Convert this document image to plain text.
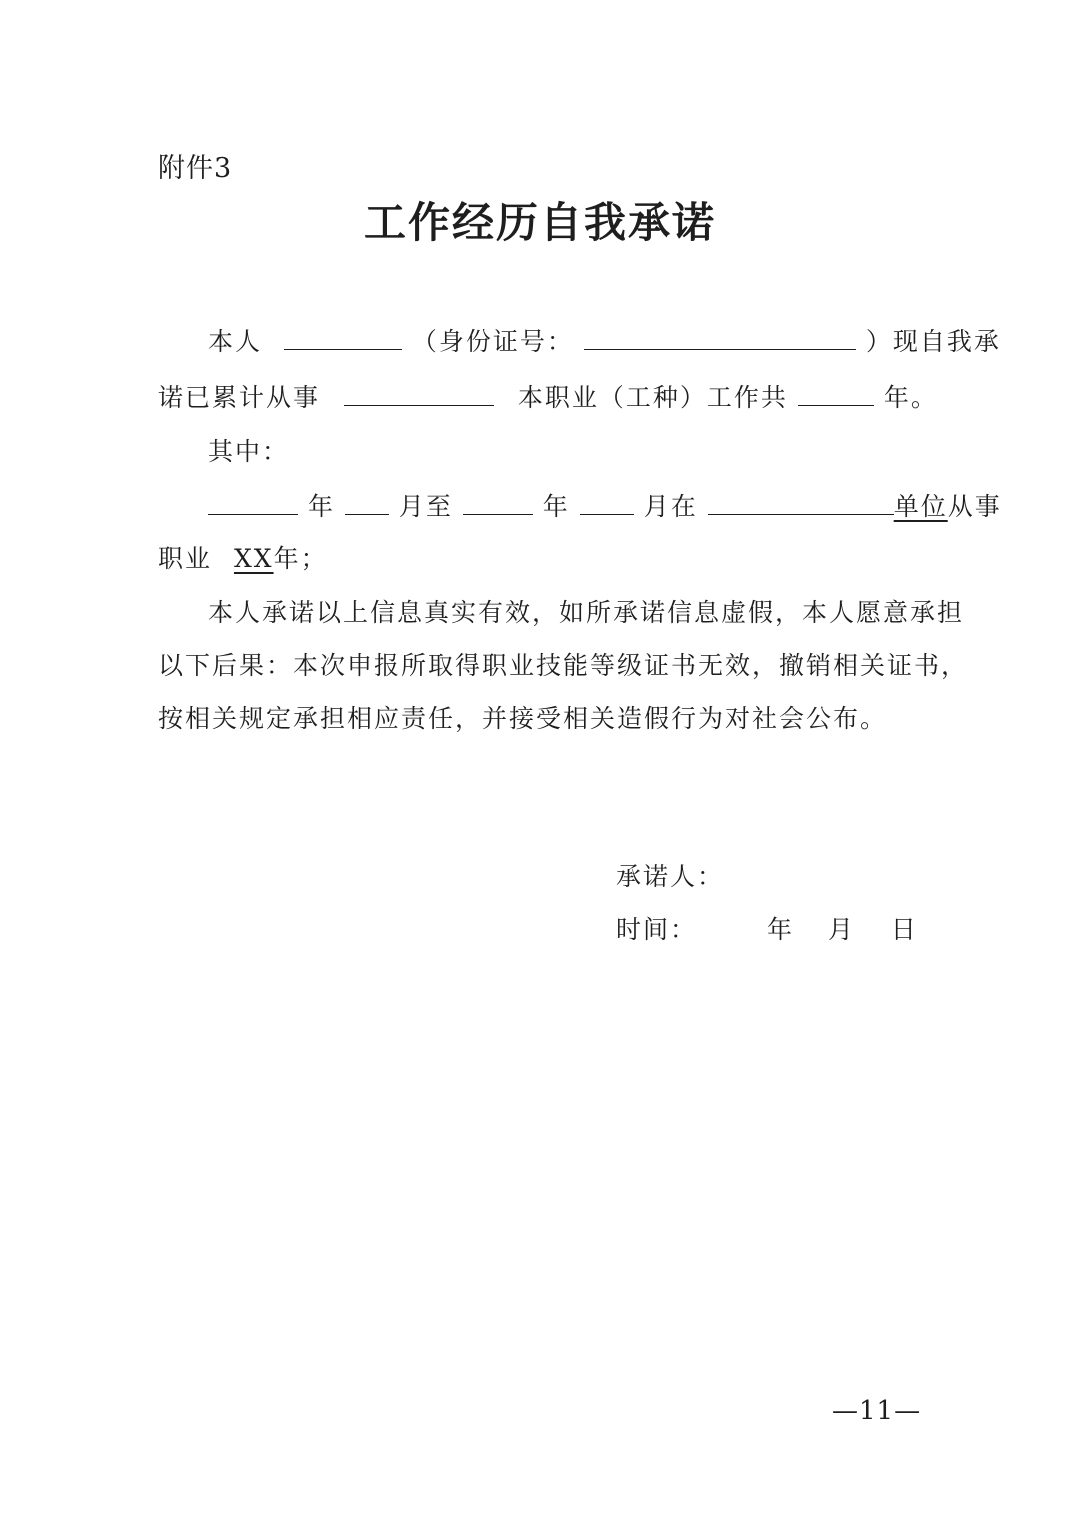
附件3
工作经历自我承诺
本人	（身份证号：	）现自我承
诺已累计从事	本职业（工种）工作共	年。
其中：
年	月至	年	月在	单位从事
职业 XX年；
本人承诺以上信息真实有效，如所承诺信息虚假，本人愿意承担
以下后果：本次申报所取得职业技能等级证书无效，撤销相关证书，
按相关规定承担相应责任，并接受相关造假行为对社会公布。
承诺人：
时间：	年 月 日
—11—
